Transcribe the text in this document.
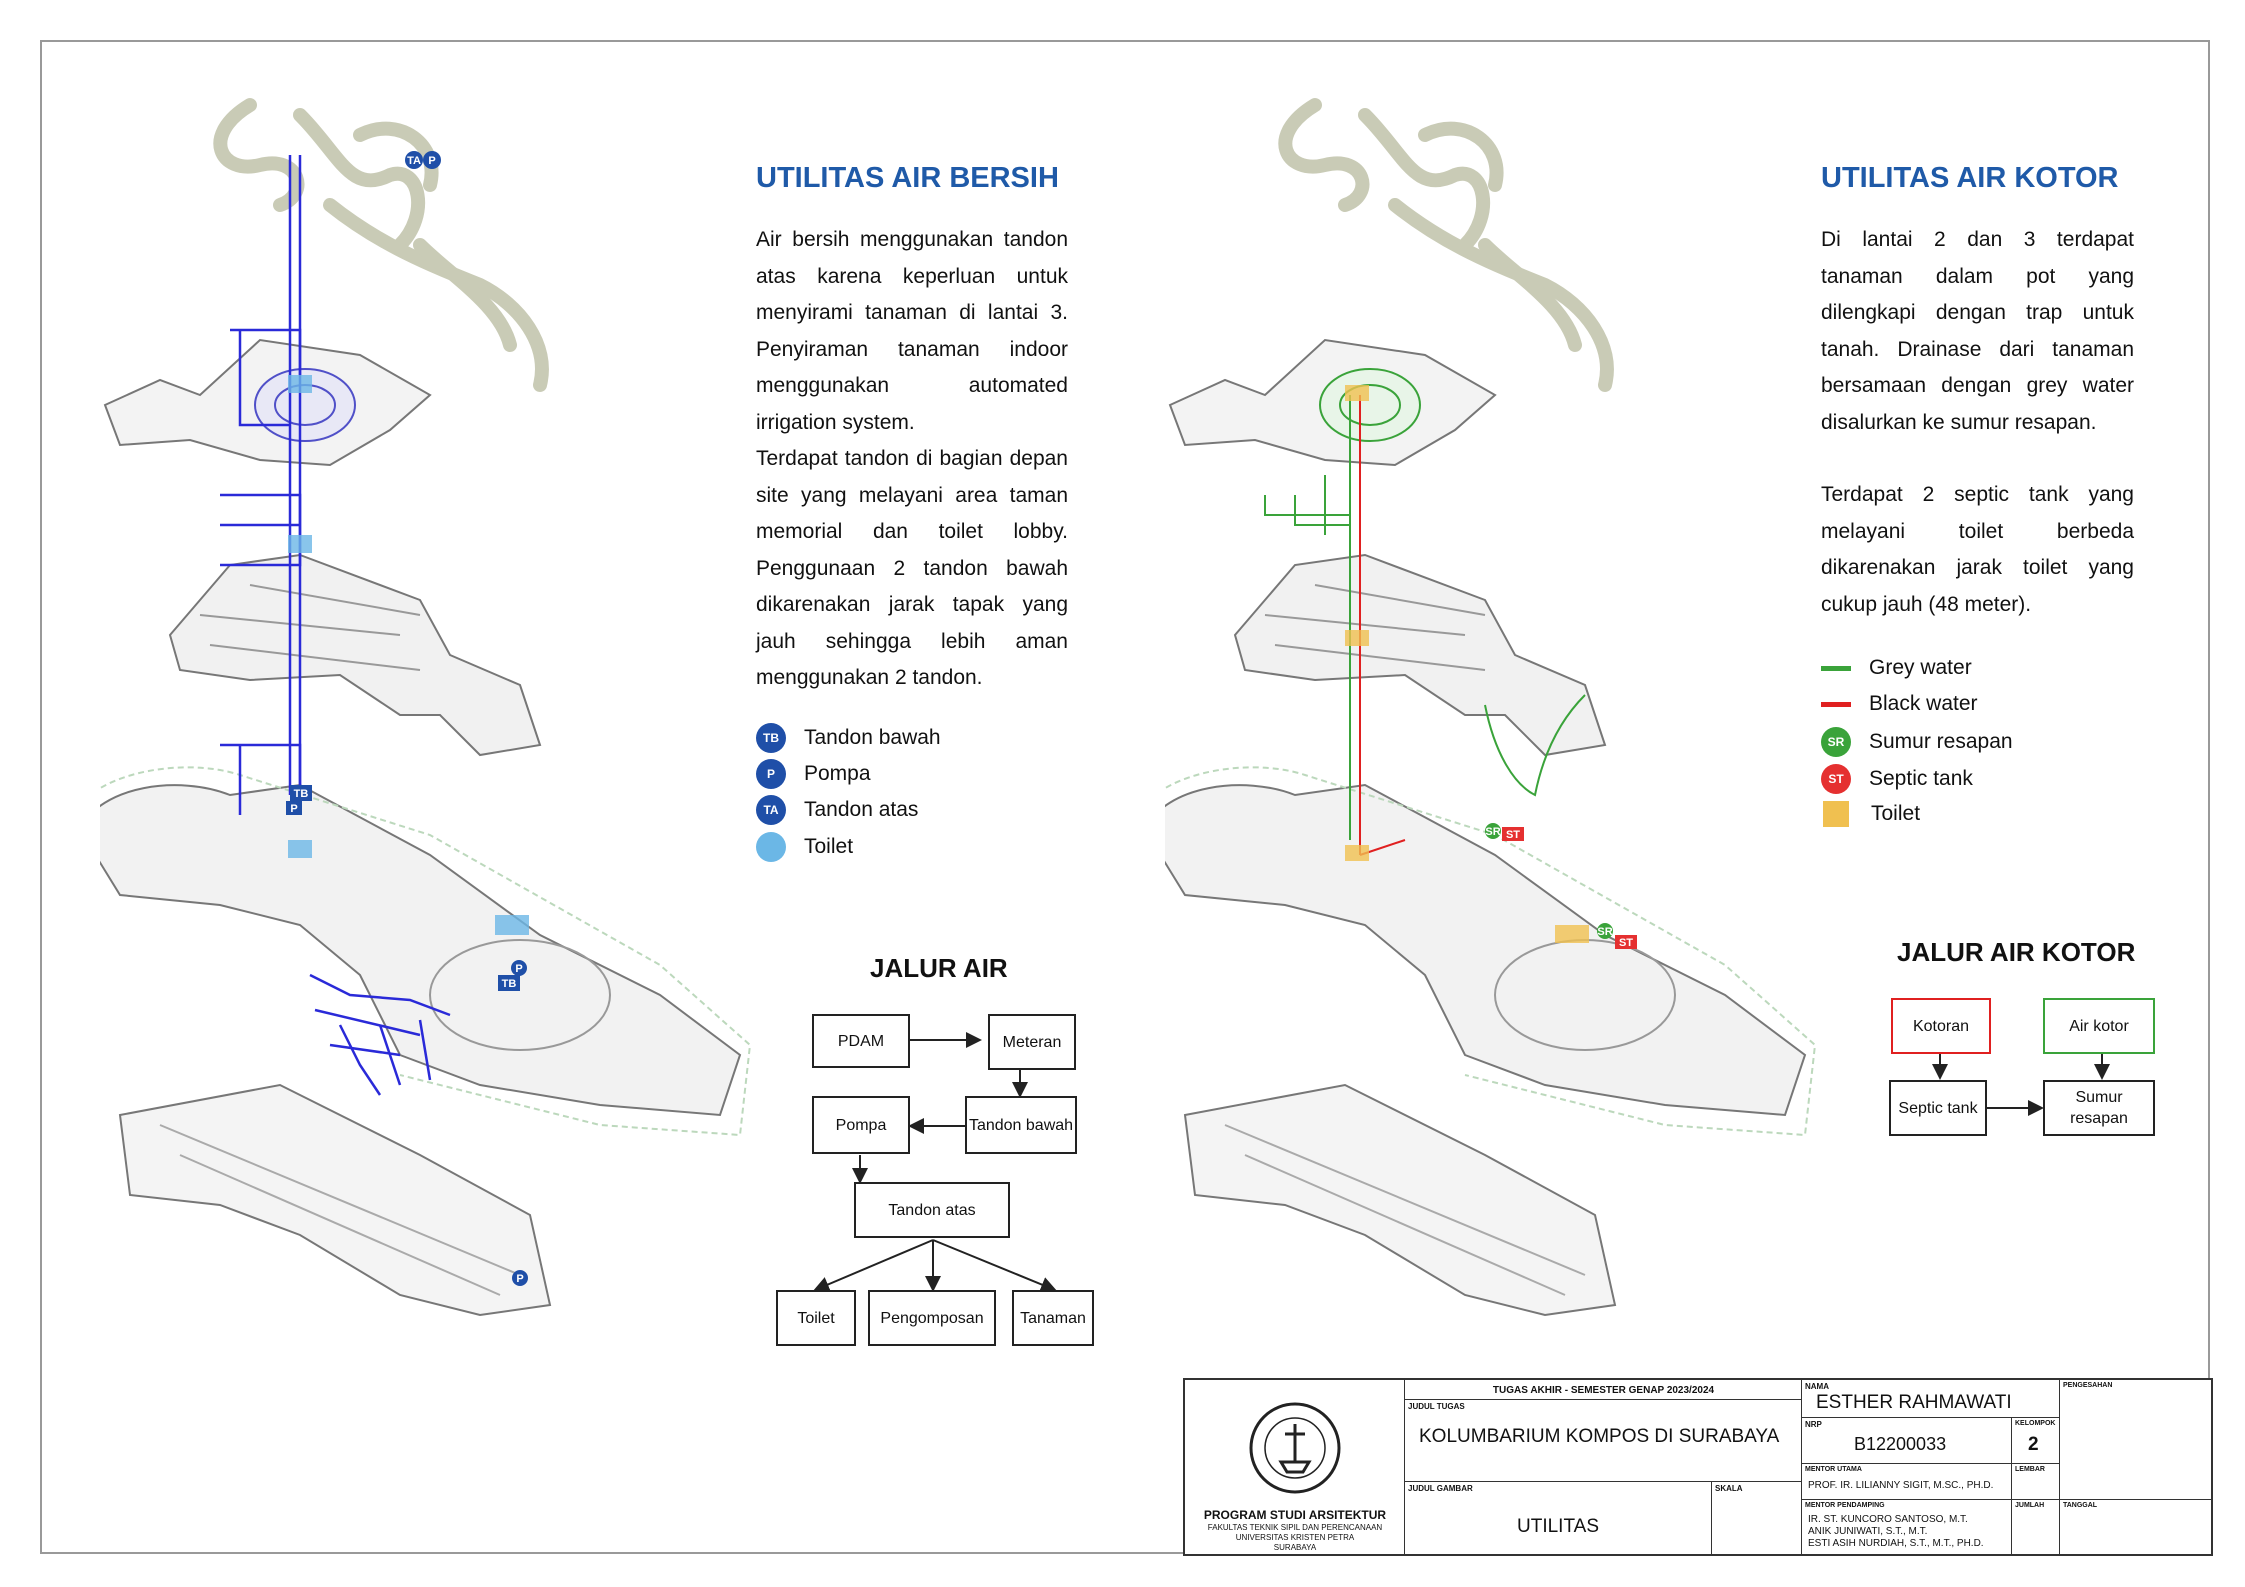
TA P
TB
P
TB
P
P
UTILITAS AIR BERSIH
Air bersih menggunakan tandon atas karena keperluan untuk menyirami tanaman di lantai 3. Penyiraman tanaman indoor menggunakan automated irrigation system.
Terdapat tandon di bagian depan site yang melayani area taman memorial dan toilet lobby. Penggunaan 2 tandon bawah dikarenakan jarak tapak yang jauh sehingga lebih aman menggunakan 2 tandon.
TB	Tandon bawah
P	Pompa
TA	Tandon atas
Toilet
JALUR AIR
PDAM	Meteran
Pompa	Tandon bawah
Tandon atas
Toilet	Pengomposan	Tanaman
SR ST
SR
ST
UTILITAS AIR KOTOR
Di lantai 2 dan 3 terdapat tanaman dalam pot yang dilengkapi dengan trap untuk tanah. Drainase dari tanaman bersamaan dengan grey water disalurkan ke sumur resapan.
Terdapat 2 septic tank yang melayani toilet berbeda dikarenakan jarak toilet yang cukup jauh (48 meter).
Grey water
Black water
SR	Sumur resapan
ST	Septic tank
Toilet
JALUR AIR KOTOR
Kotoran	Air kotor
Septic tank
Sumur resapan
PROGRAM STUDI ARSITEKTUR
FAKULTAS TEKNIK SIPIL DAN PERENCANAAN
UNIVERSITAS KRISTEN PETRA
SURABAYA
TUGAS AKHIR - SEMESTER GENAP 2023/2024
JUDUL TUGAS
KOLUMBARIUM KOMPOS DI SURABAYA
JUDUL GAMBAR
UTILITAS
SKALA
NAMA
ESTHER RAHMAWATI
NRP
B12200033
KELOMPOK
2
MENTOR UTAMA
PROF. IR. LILIANNY SIGIT, M.SC., PH.D.
LEMBAR
MENTOR PENDAMPING
IR. ST. KUNCORO SANTOSO, M.T.
ANIK JUNIWATI, S.T., M.T.
ESTI ASIH NURDIAH, S.T., M.T., PH.D.
JUMLAH
PENGESAHAN
TANGGAL
